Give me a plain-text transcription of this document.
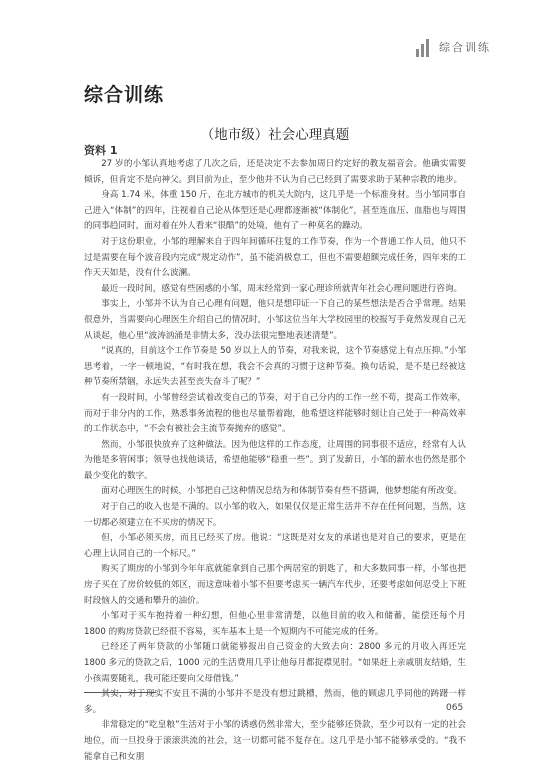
综合训练
综合训练
（地市级）社会心理真题
资料 1

27 岁的小邹认真地考虑了几次之后，还是决定不去参加周日约定好的教友福音会。他确实需要倾诉，但肯定不是向神父。到目前为止，至少他并不认为自己已经到了需要求助于某种宗教的地步。

身高 1.74 米，体重 150 斤，在北方城市的机关大院内，这几乎是一个标准身材。当小邹同事自己进入“体制”的四年，注视着自己论从体型还是心理都逐渐被“体制化”，甚至连血压、血脂也与周围的同事趋同时，面对着在外人看来“很酷”的处境，他有了一种莫名的躁动。

对于这份职业，小邹的理解来自于四年间循环往复的工作节奏，作为一个普通工作人员，他只不过是需要在每个波音段内完成“规定动作”，虽不能消极怠工，但也不需要超额完成任务，四年来的工作天天如是，没有什么波澜。

最近一段时间，感觉有些困惑的小邹，周末经常到一家心理诊所就青年社会心理问题进行咨询。

事实上，小邹并不认为自己心理有问题，他只是想印证一下自己的某些想法是否合乎常理。结果很意外，当需要向心理医生介绍自己的情况时，小邹这位当年大学校园里的校报写手竟然发现自己无从谈起，他心里“波涛汹涌是非情太多，没办法很完整地表述清楚”。

“说真的，目前这个工作节奏是 50 岁以上人的节奏，对我来说，这个节奏感觉上有点压抑。”小邹思考着，一字一顿地说，“有时我在想，我会不会真的习惯于这种节奏。换句话说，是不是已经被这种节奏所禁锢，永远失去甚至丧失奋斗了呢？”

有一段时间，小邹曾经尝试着改变自己的节奏，对于自己分内的工作一丝不苟，提高工作效率，而对于非分内的工作，熟悉事务流程的他也尽量帮着跑，他希望这样能够时刻让自己处于一种高效率的工作状态中，“不会有被社会主流节奏抛弃的感觉”。

然而，小邹很快放弃了这种做法。因为他这样的工作态度，让周围的同事很不适应，经常有人认为他是多管闲事；领导也找他谈话，希望他能够“稳重一些”。到了发薪日，小邹的薪水也仍然是那个最少变化的数字。

面对心理医生的时候，小邹把自己这种情况总结为和体制节奏有些不搭调，他梦想能有所改变。

对于自己的收入也是不满的。以小邹的收入，如果仅仅是正常生活并不存在任何问题，当然，这一切都必须建立在不买房的情况下。

但，小邹必须买房，而且已经买了房。他说：“这既是对女友的承诺也是对自己的要求，更是在心理上认同自己的一个标尺。”

购买了期房的小邹到今年年底就能拿到自己那个两居室的钥匙了，和大多数同事一样，小邹也把房子买在了房价较低的郊区，而这意味着小邹不但要考虑买一辆汽车代步，还要考虑如何忍受上下班时段恼人的交通和攀升的油价。

小邹对于买车抱持着一种幻想，但他心里非常清楚，以他目前的收入和储蓄，能偿还每个月 1800 的购房贷款已经很不容易，买车基本上是一个短期内不可能完成的任务。

已经还了两年贷款的小邹随口就能够报出自己资金的大致去向：2800 多元的月收入再还完 1800 多元的贷款之后，1000 元的生活费用几乎让他每月都捉襟见肘。“如果赶上亲戚朋友结婚，生小孩需要随礼，我可能还要向父母借钱。”

其实，对于现实不安且不满的小邹并不是没有想过跳槽，然而，他的顾虑几乎同他的踌躇一样多。

非常稳定的“吃皇粮”生活对于小邹的诱惑仍然非常大，至少能够还贷款，至少可以有一定的社会地位，而一旦投身于滚滚洪流的社会，这一切都可能不复存在。这几乎是小邹不能够承受的。“我不能拿自己和女朋

065
